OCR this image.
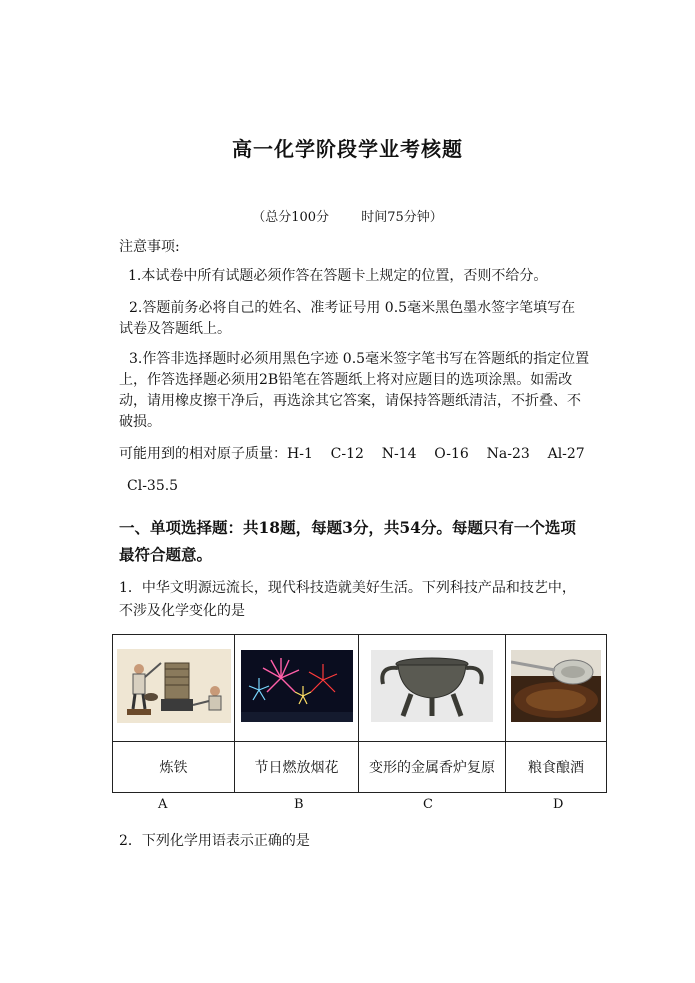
高一化学阶段学业考核题
（总分100分 时间75分钟）
注意事项:
1.本试卷中所有试题必须作答在答题卡上规定的位置，否则不给分。
2.答题前务必将自己的姓名、准考证号用 0.5毫米黑色墨水签字笔填写在试卷及答题纸上。
3.作答非选择题时必须用黑色字迹 0.5毫米签字笔书写在答题纸的指定位置上，作答选择题必须用2B铅笔在答题纸上将对应题目的选项涂黑。如需改动，请用橡皮擦干净后，再选涂其它答案，请保持答题纸清洁，不折叠、不破损。
可能用到的相对原子质量：H-1    C-12    N-14    O-16    Na-23    Al-27
Cl-35.5
一、单项选择题：共18题，每题3分，共54分。每题只有一个选项最符合题意。
1．中华文明源远流长，现代科技造就美好生活。下列科技产品和技艺中，不涉及化学变化的是

炼铁	节日燃放烟花	变形的金属香炉复原	粮食酿酒
A	B	C	D
2．下列化学用语表示正确的是
